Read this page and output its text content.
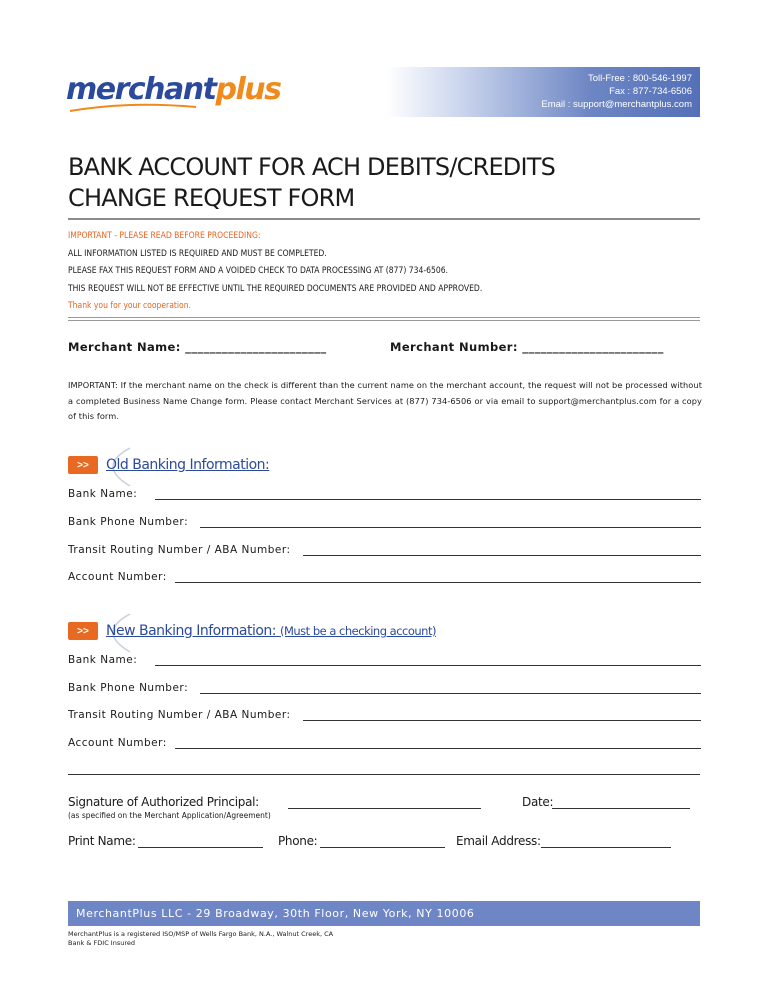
merchantplus	Toll-Free : 800-546-1997
Fax : 877-734-6506
Email : support@merchantplus.com
BANK ACCOUNT FOR ACH DEBITS/CREDITS
CHANGE REQUEST FORM
IMPORTANT - PLEASE READ BEFORE PROCEEDING:
ALL INFORMATION LISTED IS REQUIRED AND MUST BE COMPLETED.
PLEASE FAX THIS REQUEST FORM AND A VOIDED CHECK TO DATA PROCESSING AT (877) 734-6506.
THIS REQUEST WILL NOT BE EFFECTIVE UNTIL THE REQUIRED DOCUMENTS ARE PROVIDED AND APPROVED.
Thank you for your cooperation.
Merchant Name: _______________________	Merchant Number: _______________________
IMPORTANT: If the merchant name on the check is different than the current name on the merchant account, the request will not be processed without a completed Business Name Change form. Please contact Merchant Services at (877) 734-6506 or via email to support@merchantplus.com for a copy of this form.
>>	Old Banking Information:
Bank Name:
Bank Phone Number:
Transit Routing Number / ABA Number:
Account Number:
>>	New Banking Information: (Must be a checking account)
Bank Name:
Bank Phone Number:
Transit Routing Number / ABA Number:
Account Number:
Signature of Authorized Principal:	Date:
(as specified on the Merchant Application/Agreement)
Print Name:	Phone:	Email Address:
MerchantPlus LLC - 29 Broadway, 30th Floor, New York, NY 10006
MerchantPlus is a registered ISO/MSP of Wells Fargo Bank, N.A., Walnut Creek, CA
Bank & FDIC Insured
